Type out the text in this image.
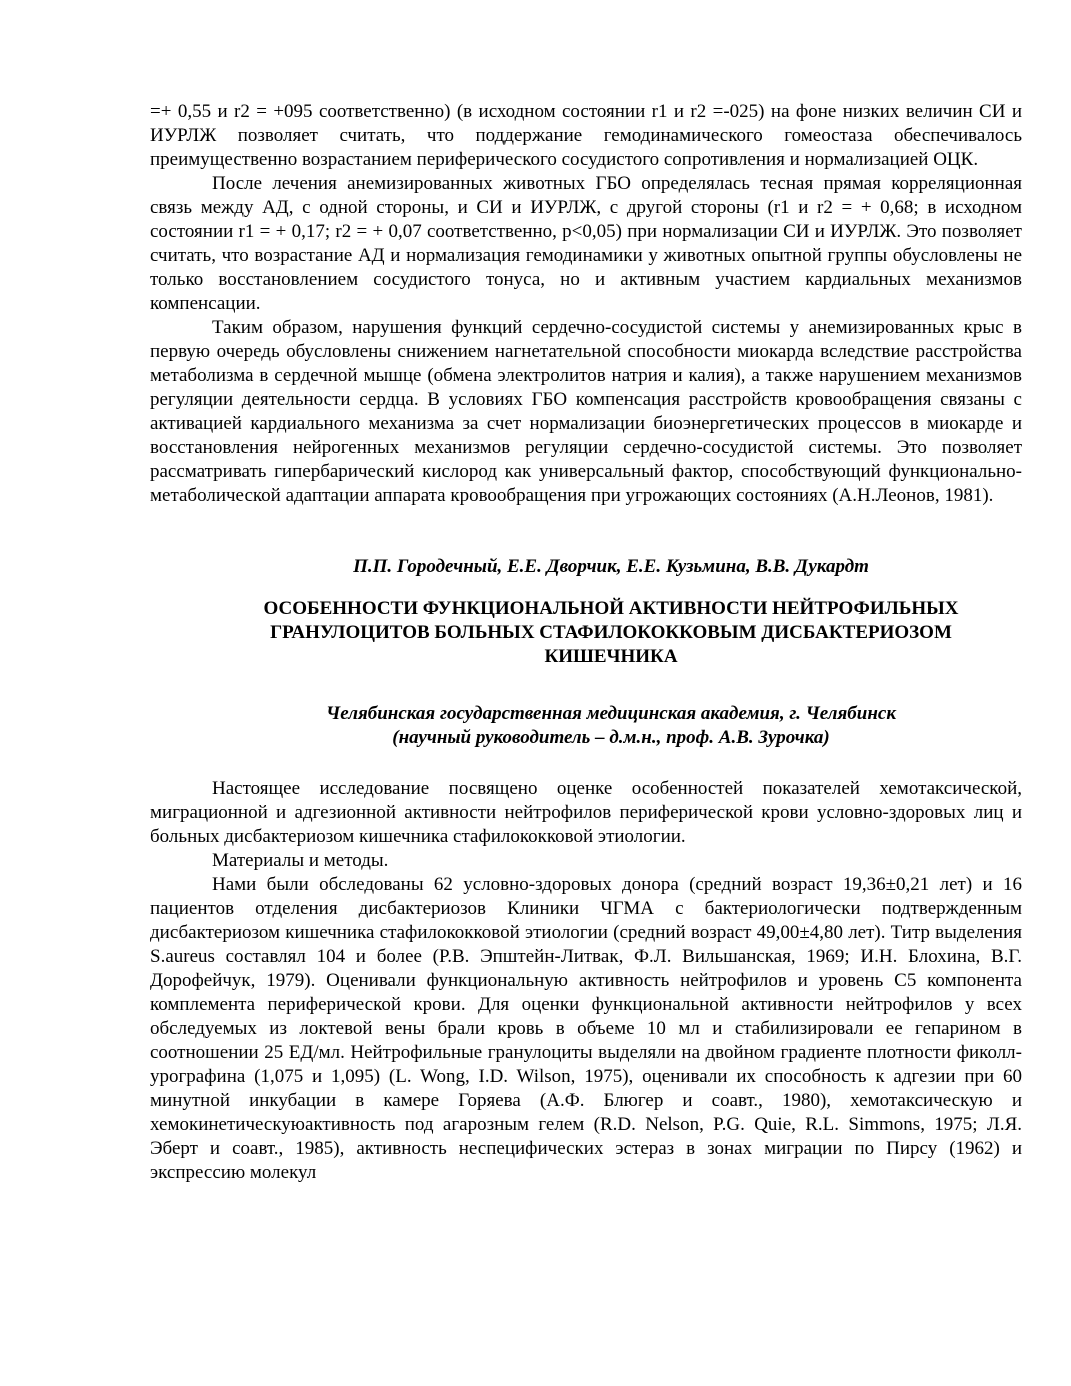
=+ 0,55 и r2 = +095 соответственно) (в исходном состоянии r1 и r2 =-025) на фоне низких величин СИ и ИУРЛЖ позволяет считать, что поддержание гемодинамического гомеостаза обеспечивалось преимущественно возрастанием периферического сосудистого сопротивления и нормализацией ОЦК.

После лечения анемизированных животных ГБО определялась тесная прямая корреляционная связь между АД, с одной стороны, и СИ и ИУРЛЖ, с другой стороны (r1 и r2 = + 0,68; в исходном состоянии r1 = + 0,17; r2 = + 0,07 соответственно, p<0,05) при нормализации СИ и ИУРЛЖ. Это позволяет считать, что возрастание АД и нормализация гемодинамики у животных опытной группы обусловлены не только восстановлением сосудистого тонуса, но и активным участием кардиальных механизмов компенсации.

Таким образом, нарушения функций сердечно-сосудистой системы у анемизированных крыс в первую очередь обусловлены снижением нагнетательной способности миокарда вследствие расстройства метаболизма в сердечной мышце (обмена электролитов натрия и калия), а также нарушением механизмов регуляции деятельности сердца. В условиях ГБО компенсация расстройств кровообращения связаны с активацией кардиального механизма за счет нормализации биоэнергетических процессов в миокарде и восстановления нейрогенных механизмов регуляции сердечно-сосудистой системы. Это позволяет рассматривать гипербарический кислород как универсальный фактор, способствующий функционально-метаболической адаптации аппарата кровообращения при угрожающих состояниях (А.Н.Леонов, 1981).

П.П. Городечный, Е.Е. Дворчик, Е.Е. Кузьмина, В.В. Дукардт
ОСОБЕННОСТИ ФУНКЦИОНАЛЬНОЙ АКТИВНОСТИ НЕЙТРОФИЛЬНЫХ
ГРАНУЛОЦИТОВ БОЛЬНЫХ СТАФИЛОКОККОВЫМ ДИСБАКТЕРИОЗОМ
КИШЕЧНИКА
Челябинская государственная медицинская академия, г. Челябинск
(научный руководитель – д.м.н., проф. А.В. Зурочка)

Настоящее исследование посвящено оценке особенностей показателей хемотаксической, миграционной и адгезионной активности нейтрофилов периферической крови условно-здоровых лиц и больных дисбактериозом кишечника стафилококковой этиологии.

Материалы и методы.

Нами были обследованы 62 условно-здоровых донора (средний возраст 19,36±0,21 лет) и 16 пациентов отделения дисбактериозов Клиники ЧГМА с бактериологически подтвержденным дисбактериозом кишечника стафилококковой этиологии (средний возраст 49,00±4,80 лет). Титр выделения S.aureus составлял 104 и более (Р.В. Эпштейн-Литвак, Ф.Л. Вильшанская, 1969; И.Н. Блохина, В.Г. Дорофейчук, 1979). Оценивали функциональную активность нейтрофилов и уровень С5 компонента комплемента периферической крови. Для оценки функциональной активности нейтрофилов у всех обследуемых из локтевой вены брали кровь в объеме 10 мл и стабилизировали ее гепарином в соотношении 25 ЕД/мл. Нейтрофильные гранулоциты выделяли на двойном градиенте плотности фиколл-урографина (1,075 и 1,095) (L. Wong, I.D. Wilson, 1975), оценивали их способность к адгезии при 60 минутной инкубации в камере Горяева (А.Ф. Блюгер и соавт., 1980), хемотаксическую и хемокинетическуюактивность под агарозным гелем (R.D. Nelson, P.G. Quie, R.L. Simmons, 1975; Л.Я. Эберт и соавт., 1985), активность неспецифических эстераз в зонах миграции по Пирсу (1962) и экспрессию молекул
